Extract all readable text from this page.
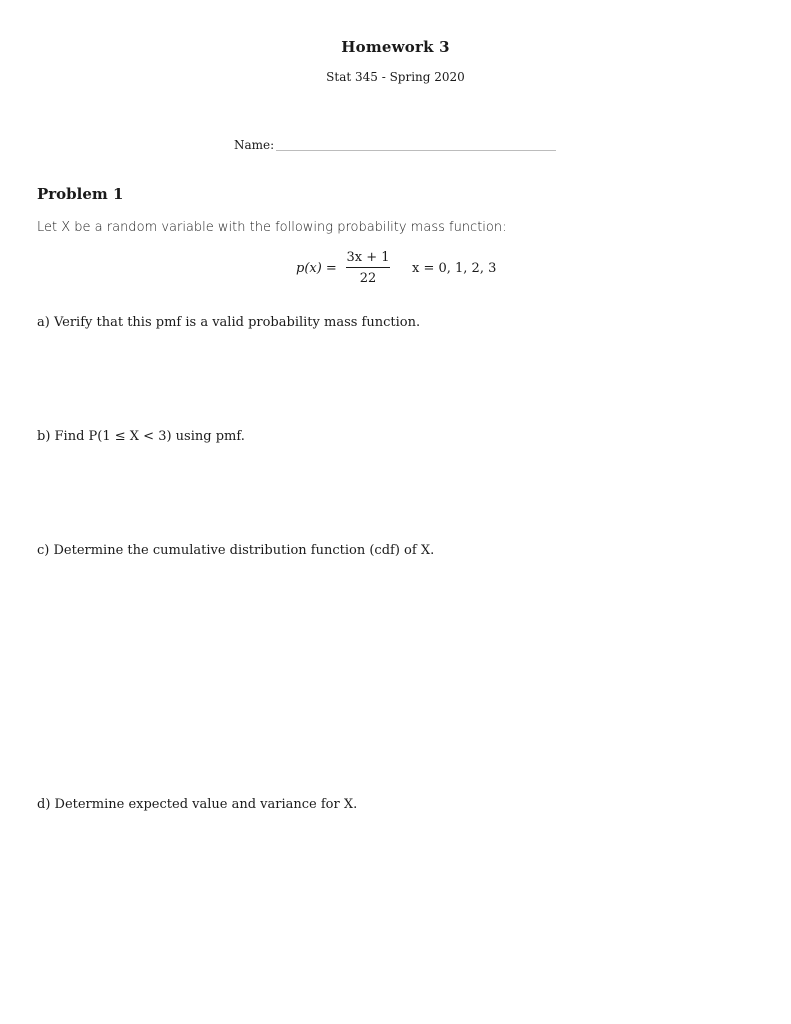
Homework 3
Stat 345 - Spring 2020
Name:
Problem 1
Let X be a random variable with the following probability mass function:
p(x) =
3x + 1
22
x = 0, 1, 2, 3
a) Verify that this pmf is a valid probability mass function.
b) Find P(1 ≤ X < 3) using pmf.
c) Determine the cumulative distribution function (cdf) of X.
d) Determine expected value and variance for X.
